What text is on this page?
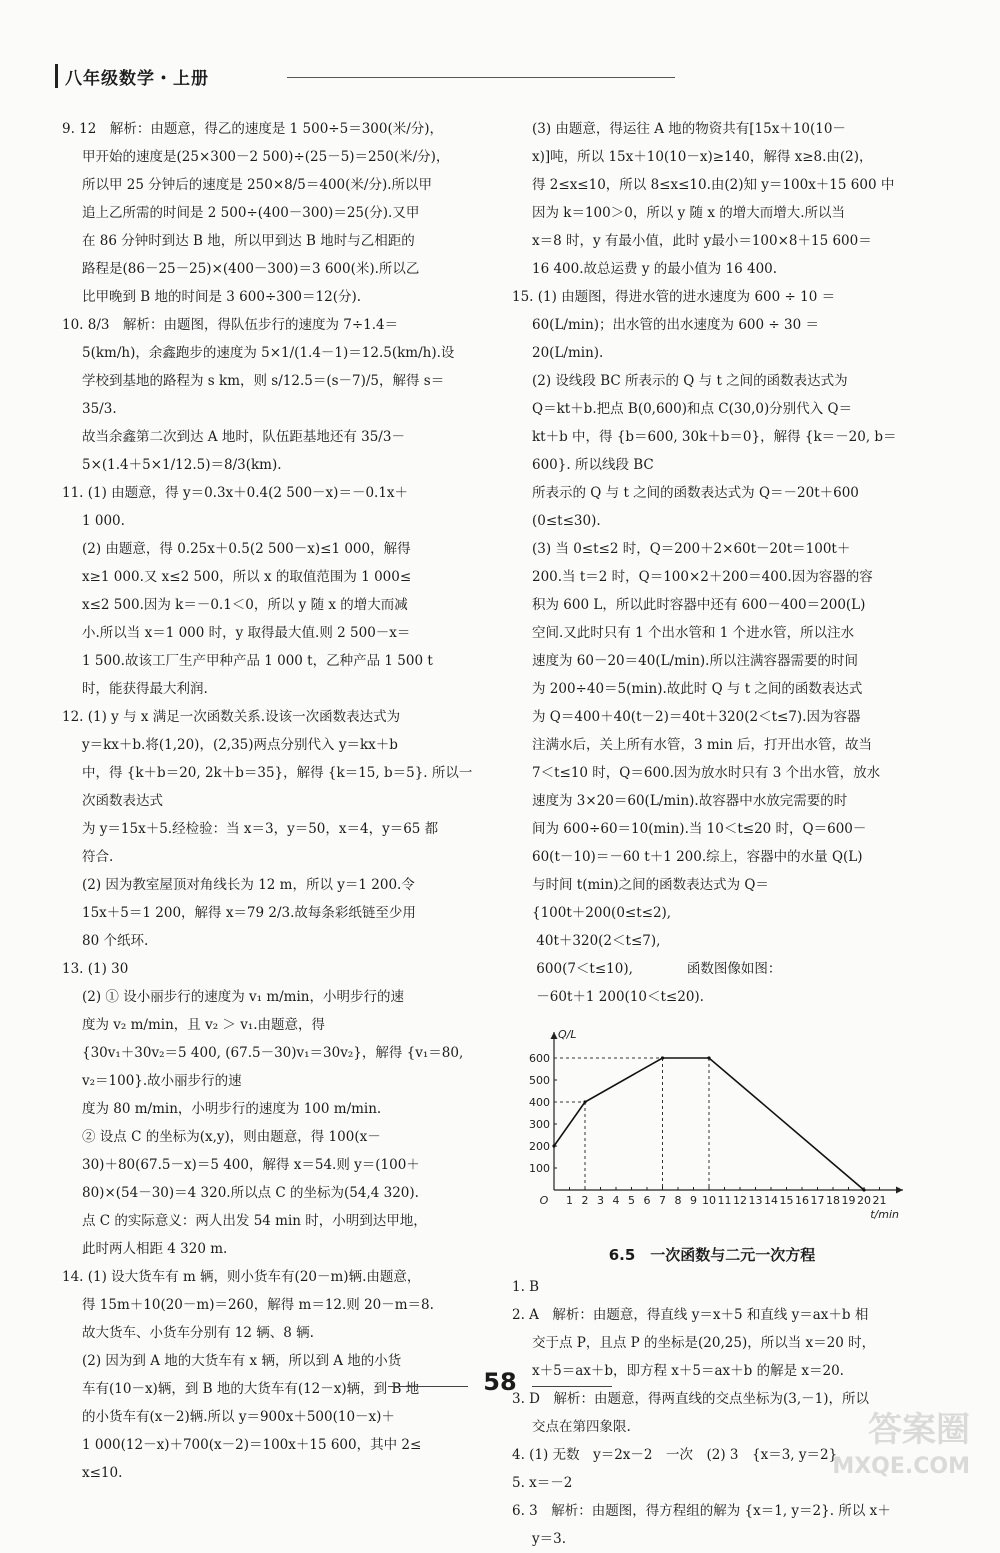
八年级数学・上册

9. 12　解析：由题意，得乙的速度是 1 500÷5＝300(米/分)，

甲开始的速度是(25×300－2 500)÷(25－5)＝250(米/分)，

所以甲 25 分钟后的速度是 250×8/5＝400(米/分).所以甲

追上乙所需的时间是 2 500÷(400－300)＝25(分).又甲

在 86 分钟时到达 B 地，所以甲到达 B 地时与乙相距的

路程是(86－25－25)×(400－300)＝3 600(米).所以乙

比甲晚到 B 地的时间是 3 600÷300＝12(分).

10. 8/3　解析：由题图，得队伍步行的速度为 7÷1.4＝

5(km/h)，余鑫跑步的速度为 5×1/(1.4－1)＝12.5(km/h).设

学校到基地的路程为 s km，则 s/12.5＝(s－7)/5，解得 s＝35/3.

故当余鑫第二次到达 A 地时，队伍距基地还有 35/3－

5×(1.4＋5×1/12.5)＝8/3(km).

11. (1) 由题意，得 y＝0.3x＋0.4(2 500－x)＝－0.1x＋

1 000.

(2) 由题意，得 0.25x＋0.5(2 500－x)≤1 000，解得

x≥1 000.又 x≤2 500，所以 x 的取值范围为 1 000≤

x≤2 500.因为 k＝－0.1＜0，所以 y 随 x 的增大而减

小.所以当 x＝1 000 时，y 取得最大值.则 2 500－x＝

1 500.故该工厂生产甲种产品 1 000 t，乙种产品 1 500 t

时，能获得最大利润.

12. (1) y 与 x 满足一次函数关系.设该一次函数表达式为

y＝kx＋b.将(1,20)，(2,35)两点分别代入 y＝kx＋b

中，得 {k＋b＝20, 2k＋b＝35}，解得 {k＝15, b＝5}. 所以一次函数表达式

为 y＝15x＋5.经检验：当 x＝3，y＝50，x＝4，y＝65 都

符合.

(2) 因为教室屋顶对角线长为 12 m，所以 y＝1 200.令

15x＋5＝1 200，解得 x＝79 2/3.故每条彩纸链至少用

80 个纸环.

13. (1) 30

(2) ① 设小丽步行的速度为 v₁ m/min，小明步行的速

度为 v₂ m/min，且 v₂ ＞ v₁.由题意，得

{30v₁＋30v₂＝5 400, (67.5－30)v₁＝30v₂}，解得 {v₁＝80, v₂＝100}.故小丽步行的速

度为 80 m/min，小明步行的速度为 100 m/min.

② 设点 C 的坐标为(x,y)，则由题意，得 100(x－

30)＋80(67.5－x)＝5 400，解得 x＝54.则 y＝(100＋

80)×(54－30)＝4 320.所以点 C 的坐标为(54,4 320).

点 C 的实际意义：两人出发 54 min 时，小明到达甲地，

此时两人相距 4 320 m.

14. (1) 设大货车有 m 辆，则小货车有(20－m)辆.由题意，

得 15m＋10(20－m)＝260，解得 m＝12.则 20－m＝8.

故大货车、小货车分别有 12 辆、8 辆.

(2) 因为到 A 地的大货车有 x 辆，所以到 A 地的小货

车有(10－x)辆，到 B 地的大货车有(12－x)辆，到 B 地

的小货车有(x－2)辆.所以 y＝900x＋500(10－x)＋

1 000(12－x)＋700(x－2)＝100x＋15 600，其中 2≤

x≤10.

(3) 由题意，得运往 A 地的物资共有[15x＋10(10－

x)]吨，所以 15x＋10(10－x)≥140，解得 x≥8.由(2)，

得 2≤x≤10，所以 8≤x≤10.由(2)知 y＝100x＋15 600 中

因为 k＝100＞0，所以 y 随 x 的增大而增大.所以当

x＝8 时，y 有最小值，此时 y最小＝100×8＋15 600＝

16 400.故总运费 y 的最小值为 16 400.

15. (1) 由题图，得进水管的进水速度为 600 ÷ 10 ＝

60(L/min)；出水管的出水速度为 600 ÷ 30 ＝

20(L/min).

(2) 设线段 BC 所表示的 Q 与 t 之间的函数表达式为

Q＝kt＋b.把点 B(0,600)和点 C(30,0)分别代入 Q＝

kt＋b 中，得 {b＝600, 30k＋b＝0}，解得 {k＝－20, b＝600}. 所以线段 BC

所表示的 Q 与 t 之间的函数表达式为 Q＝－20t＋600

(0≤t≤30).

(3) 当 0≤t≤2 时，Q＝200＋2×60t－20t＝100t＋

200.当 t＝2 时，Q＝100×2＋200＝400.因为容器的容

积为 600 L，所以此时容器中还有 600－400＝200(L)

空间.又此时只有 1 个出水管和 1 个进水管，所以注水

速度为 60－20＝40(L/min).所以注满容器需要的时间

为 200÷40＝5(min).故此时 Q 与 t 之间的函数表达式

为 Q＝400＋40(t－2)＝40t＋320(2＜t≤7).因为容器

注满水后，关上所有水管，3 min 后，打开出水管，故当

7＜t≤10 时，Q＝600.因为放水时只有 3 个出水管，放水

速度为 3×20＝60(L/min).故容器中水放完需要的时

间为 600÷60＝10(min).当 10＜t≤20 时，Q＝600－

60(t－10)＝－60 t＋1 200.综上，容器中的水量 Q(L)

与时间 t(min)之间的函数表达式为 Q＝

{100t＋200(0≤t≤2),

40t＋320(2＜t≤7),

600(7＜t≤10),　　　　函数图像如图：

－60t＋1 200(10＜t≤20).

1 2 3 4 5 6 7 8 9 10 11 12 13 14 15 16 17 18 19 20 21
100
200
300
400
500
600
O
t/min
Q/L
6.5　一次函数与二元一次方程

1. B

2. A　解析：由题意，得直线 y＝x＋5 和直线 y＝ax＋b 相

交于点 P，且点 P 的坐标是(20,25)，所以当 x＝20 时，

x＋5＝ax＋b，即方程 x＋5＝ax＋b 的解是 x＝20.

3. D　解析：由题意，得两直线的交点坐标为(3,－1)，所以

交点在第四象限.

4. (1) 无数　y＝2x－2　一次　(2) 3　{x＝3, y＝2}

5. x＝－2

6. 3　解析：由题图，得方程组的解为 {x＝1, y＝2}. 所以 x＋

y＝3.

58
答案圈
MXQE.COM
